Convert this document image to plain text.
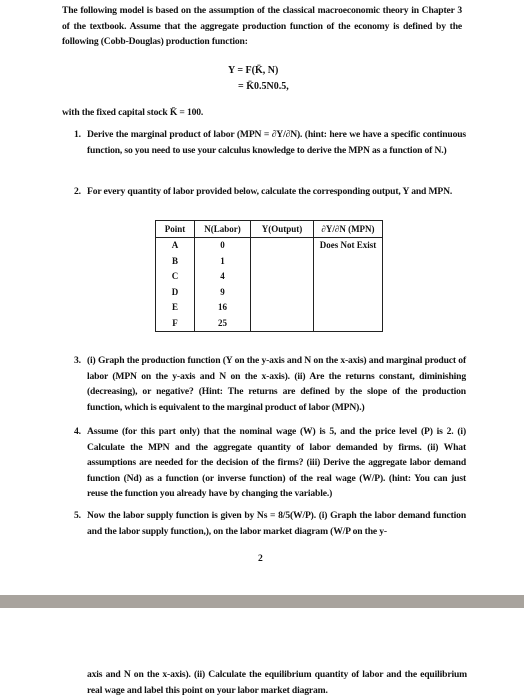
The following model is based on the assumption of the classical macroeconomic theory in Chapter 3 of the textbook. Assume that the aggregate production function of the economy is defined by the following (Cobb-Douglas) production function:
Y = F(K̄, N)
= K̄0.5N0.5,
with the fixed capital stock K̄ = 100.
1. Derive the marginal product of labor (MPN = ∂Y/∂N). (hint: here we have a specific continuous function, so you need to use your calculus knowledge to derive the MPN as a function of N.)
2. For every quantity of labor provided below, calculate the corresponding output, Y and MPN.
Point	N(Labor)	Y(Output)	∂Y/∂N (MPN)
A	0		Does Not Exist
B	1		
C	4		
D	9		
E	16		
F	25		
3. (i) Graph the production function (Y on the y-axis and N on the x-axis) and marginal product of labor (MPN on the y-axis and N on the x-axis). (ii) Are the returns constant, diminishing (decreasing), or negative? (Hint: The returns are defined by the slope of the production function, which is equivalent to the marginal product of labor (MPN).)
4. Assume (for this part only) that the nominal wage (W) is 5, and the price level (P) is 2. (i) Calculate the MPN and the aggregate quantity of labor demanded by firms. (ii) What assumptions are needed for the decision of the firms? (iii) Derive the aggregate labor demand function (Nd) as a function (or inverse function) of the real wage (W/P). (hint: You can just reuse the function you already have by changing the variable.)
5. Now the labor supply function is given by Ns = 8/5(W/P). (i) Graph the labor demand function and the labor supply function,), on the labor market diagram (W/P on the y-
2
axis and N on the x-axis). (ii) Calculate the equilibrium quantity of labor and the equilibrium real wage and label this point on your labor market diagram.
